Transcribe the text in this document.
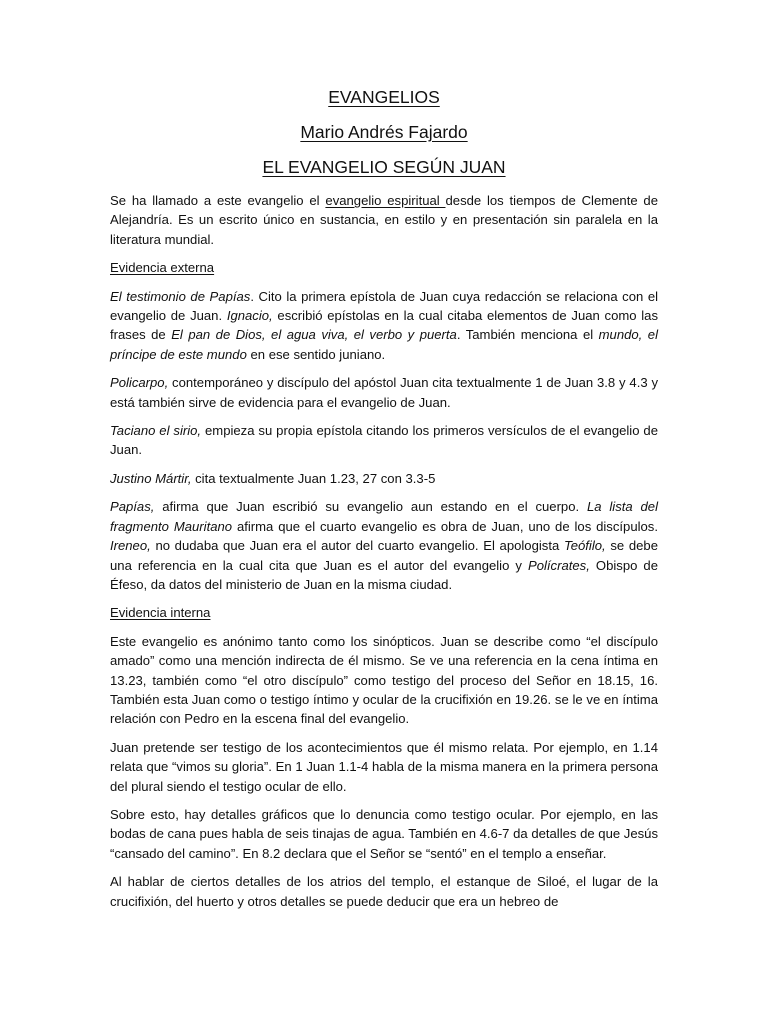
EVANGELIOS
Mario Andrés Fajardo
EL EVANGELIO SEGÚN JUAN

Se ha llamado a este evangelio el evangelio espiritual desde los tiempos de Clemente de Alejandría. Es un escrito único en sustancia, en estilo y en presentación sin paralela en la literatura mundial.

Evidencia externa

El testimonio de Papías. Cito la primera epístola de Juan cuya redacción se relaciona con el evangelio de Juan. Ignacio, escribió epístolas en la cual citaba elementos de Juan como las frases de El pan de Dios, el agua viva, el verbo y puerta. También menciona el mundo, el príncipe de este mundo en ese sentido juniano.

Policarpo, contemporáneo y discípulo del apóstol Juan cita textualmente 1 de Juan 3.8 y 4.3 y está también sirve de evidencia para el evangelio de Juan.

Taciano el sirio, empieza su propia epístola citando los primeros versículos de el evangelio de Juan.

Justino Mártir, cita textualmente Juan 1.23, 27 con 3.3-5

Papías, afirma que Juan escribió su evangelio aun estando en el cuerpo. La lista del fragmento Mauritano afirma que el cuarto evangelio es obra de Juan, uno de los discípulos. Ireneo, no dudaba que Juan era el autor del cuarto evangelio. El apologista Teófilo, se debe una referencia en la cual cita que Juan es el autor del evangelio y Polícrates, Obispo de Éfeso, da datos del ministerio de Juan en la misma ciudad.

Evidencia interna

Este evangelio es anónimo tanto como los sinópticos. Juan se describe como “el discípulo amado” como una mención indirecta de él mismo. Se ve una referencia en la cena íntima en 13.23, también como “el otro discípulo” como testigo del proceso del Señor en 18.15, 16. También esta Juan como o testigo íntimo y ocular de la crucifixión en 19.26. se le ve en íntima relación con Pedro en la escena final del evangelio.

Juan pretende ser testigo de los acontecimientos que él mismo relata. Por ejemplo, en 1.14 relata que “vimos su gloria”. En 1 Juan 1.1-4 habla de la misma manera en la primera persona del plural siendo el testigo ocular de ello.

Sobre esto, hay detalles gráficos que lo denuncia como testigo ocular. Por ejemplo, en las bodas de cana pues habla de seis tinajas de agua. También en 4.6-7 da detalles de que Jesús “cansado del camino”. En 8.2 declara que el Señor se “sentó” en el templo a enseñar.

Al hablar de ciertos detalles de los atrios del templo, el estanque de Siloé, el lugar de la crucifixión, del huerto y otros detalles se puede deducir que era un hebreo de
